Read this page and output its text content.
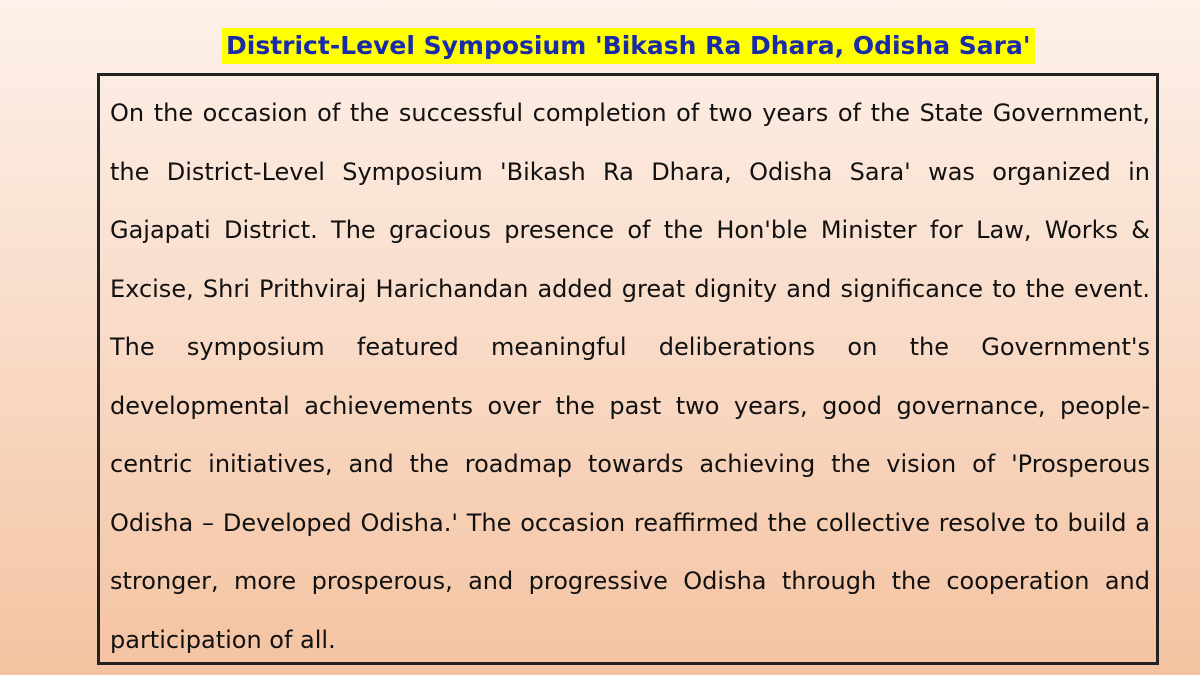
District-Level Symposium 'Bikash Ra Dhara, Odisha Sara'

On the occasion of the successful completion of two years of the State Government, the District-Level Symposium 'Bikash Ra Dhara, Odisha Sara' was organized in Gajapati District. The gracious presence of the Hon'ble Minister for Law, Works & Excise, Shri Prithviraj Harichandan added great dignity and significance to the event. The symposium featured meaningful deliberations on the Government's developmental achievements over the past two years, good governance, people-centric initiatives, and the roadmap towards achieving the vision of 'Prosperous Odisha – Developed Odisha.' The occasion reaffirmed the collective resolve to build a stronger, more prosperous, and progressive Odisha through the cooperation and participation of all.
